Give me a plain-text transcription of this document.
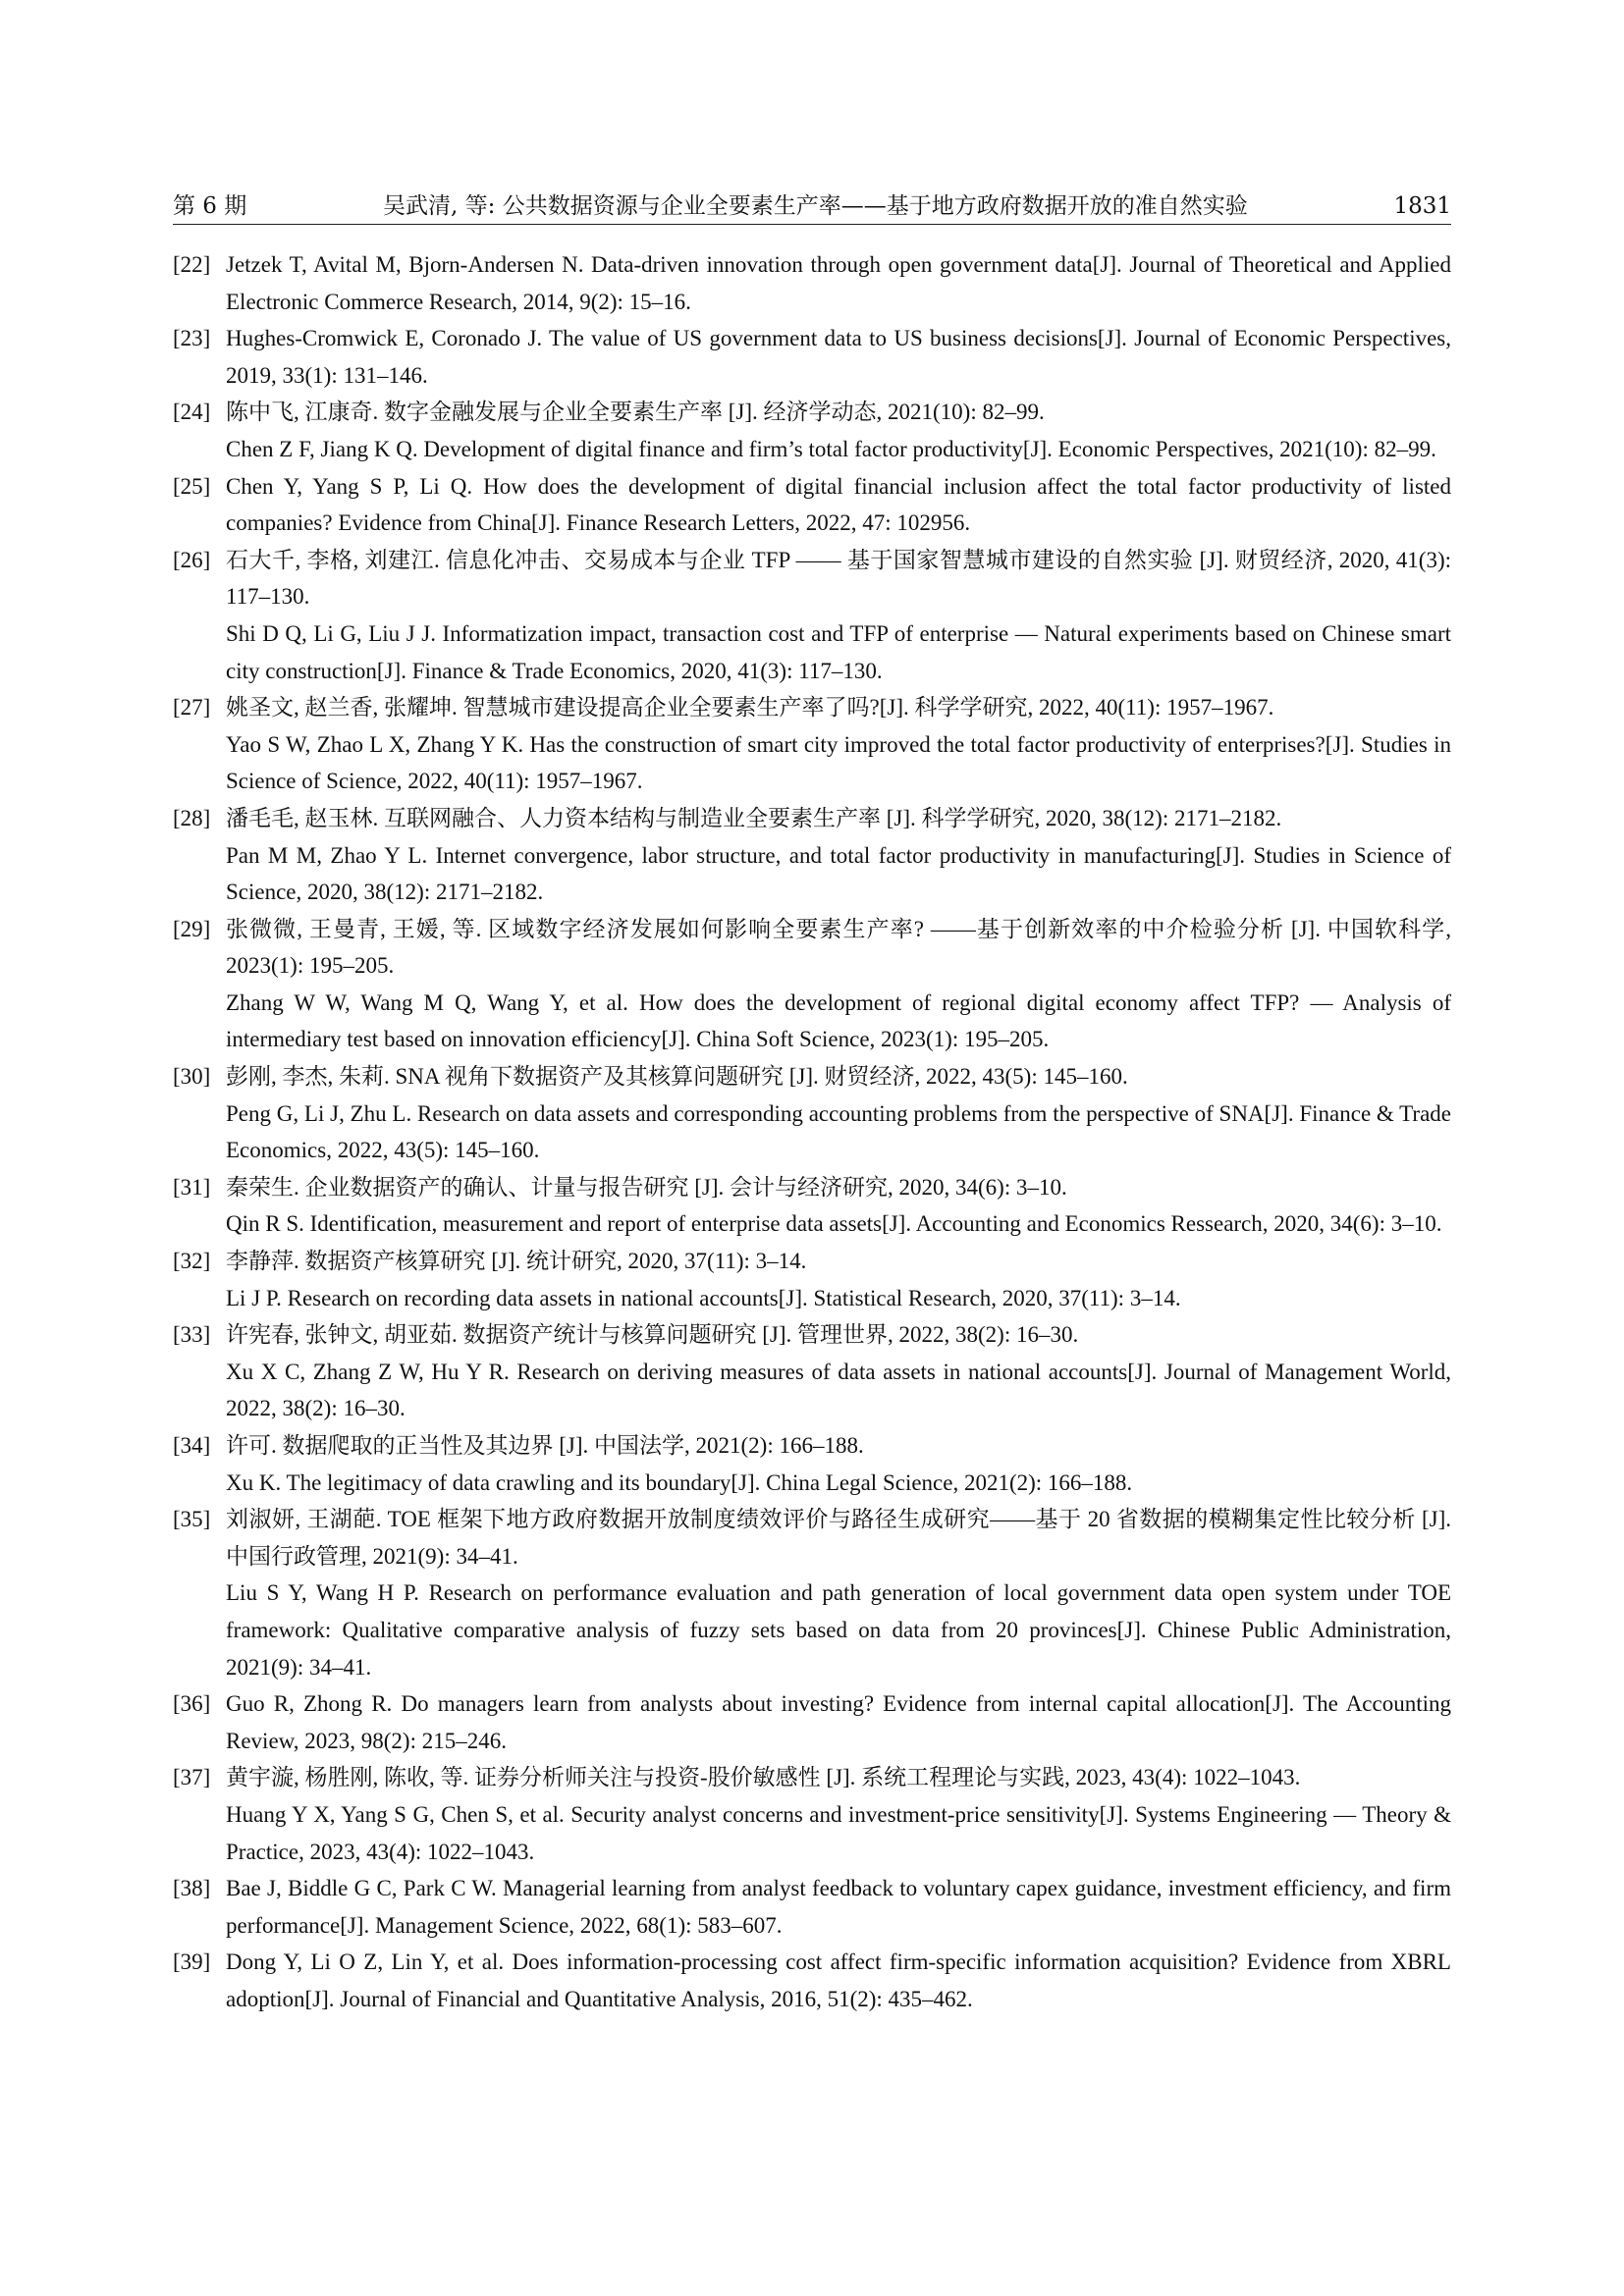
第 6 期	吴武清, 等: 公共数据资源与企业全要素生产率——基于地方政府数据开放的准自然实验	1831
[22] Jetzek T, Avital M, Bjorn-Andersen N. Data-driven innovation through open government data[J]. Journal of Theoretical and Applied Electronic Commerce Research, 2014, 9(2): 15–16.

[23] Hughes-Cromwick E, Coronado J. The value of US government data to US business decisions[J]. Journal of Economic Perspectives, 2019, 33(1): 131–146.

[24] 陈中飞, 江康奇. 数字金融发展与企业全要素生产率 [J]. 经济学动态, 2021(10): 82–99.

Chen Z F, Jiang K Q. Development of digital finance and firm’s total factor productivity[J]. Economic Perspectives, 2021(10): 82–99.

[25] Chen Y, Yang S P, Li Q. How does the development of digital financial inclusion affect the total factor productivity of listed companies? Evidence from China[J]. Finance Research Letters, 2022, 47: 102956.

[26] 石大千, 李格, 刘建江. 信息化冲击、交易成本与企业 TFP —— 基于国家智慧城市建设的自然实验 [J]. 财贸经济, 2020, 41(3): 117–130.

Shi D Q, Li G, Liu J J. Informatization impact, transaction cost and TFP of enterprise — Natural experiments based on Chinese smart city construction[J]. Finance & Trade Economics, 2020, 41(3): 117–130.

[27] 姚圣文, 赵兰香, 张耀坤. 智慧城市建设提高企业全要素生产率了吗?[J]. 科学学研究, 2022, 40(11): 1957–1967.

Yao S W, Zhao L X, Zhang Y K. Has the construction of smart city improved the total factor productivity of enterprises?[J]. Studies in Science of Science, 2022, 40(11): 1957–1967.

[28] 潘毛毛, 赵玉林. 互联网融合、人力资本结构与制造业全要素生产率 [J]. 科学学研究, 2020, 38(12): 2171–2182.

Pan M M, Zhao Y L. Internet convergence, labor structure, and total factor productivity in manufacturing[J]. Studies in Science of Science, 2020, 38(12): 2171–2182.

[29] 张微微, 王曼青, 王媛, 等. 区域数字经济发展如何影响全要素生产率? ——基于创新效率的中介检验分析 [J]. 中国软科学, 2023(1): 195–205.

Zhang W W, Wang M Q, Wang Y, et al. How does the development of regional digital economy affect TFP? — Analysis of intermediary test based on innovation efficiency[J]. China Soft Science, 2023(1): 195–205.

[30] 彭刚, 李杰, 朱莉. SNA 视角下数据资产及其核算问题研究 [J]. 财贸经济, 2022, 43(5): 145–160.

Peng G, Li J, Zhu L. Research on data assets and corresponding accounting problems from the perspective of SNA[J]. Finance & Trade Economics, 2022, 43(5): 145–160.

[31] 秦荣生. 企业数据资产的确认、计量与报告研究 [J]. 会计与经济研究, 2020, 34(6): 3–10.

Qin R S. Identification, measurement and report of enterprise data assets[J]. Accounting and Economics Ressearch, 2020, 34(6): 3–10.

[32] 李静萍. 数据资产核算研究 [J]. 统计研究, 2020, 37(11): 3–14.

Li J P. Research on recording data assets in national accounts[J]. Statistical Research, 2020, 37(11): 3–14.

[33] 许宪春, 张钟文, 胡亚茹. 数据资产统计与核算问题研究 [J]. 管理世界, 2022, 38(2): 16–30.

Xu X C, Zhang Z W, Hu Y R. Research on deriving measures of data assets in national accounts[J]. Journal of Management World, 2022, 38(2): 16–30.

[34] 许可. 数据爬取的正当性及其边界 [J]. 中国法学, 2021(2): 166–188.

Xu K. The legitimacy of data crawling and its boundary[J]. China Legal Science, 2021(2): 166–188.

[35] 刘淑妍, 王湖葩. TOE 框架下地方政府数据开放制度绩效评价与路径生成研究——基于 20 省数据的模糊集定性比较分析 [J]. 中国行政管理, 2021(9): 34–41.

Liu S Y, Wang H P. Research on performance evaluation and path generation of local government data open system under TOE framework: Qualitative comparative analysis of fuzzy sets based on data from 20 provinces[J]. Chinese Public Administration, 2021(9): 34–41.

[36] Guo R, Zhong R. Do managers learn from analysts about investing? Evidence from internal capital allocation[J]. The Accounting Review, 2023, 98(2): 215–246.

[37] 黄宇漩, 杨胜刚, 陈收, 等. 证券分析师关注与投资-股价敏感性 [J]. 系统工程理论与实践, 2023, 43(4): 1022–1043.

Huang Y X, Yang S G, Chen S, et al. Security analyst concerns and investment-price sensitivity[J]. Systems Engineering — Theory & Practice, 2023, 43(4): 1022–1043.

[38] Bae J, Biddle G C, Park C W. Managerial learning from analyst feedback to voluntary capex guidance, investment efficiency, and firm performance[J]. Management Science, 2022, 68(1): 583–607.

[39] Dong Y, Li O Z, Lin Y, et al. Does information-processing cost affect firm-specific information acquisition? Evidence from XBRL adoption[J]. Journal of Financial and Quantitative Analysis, 2016, 51(2): 435–462.
